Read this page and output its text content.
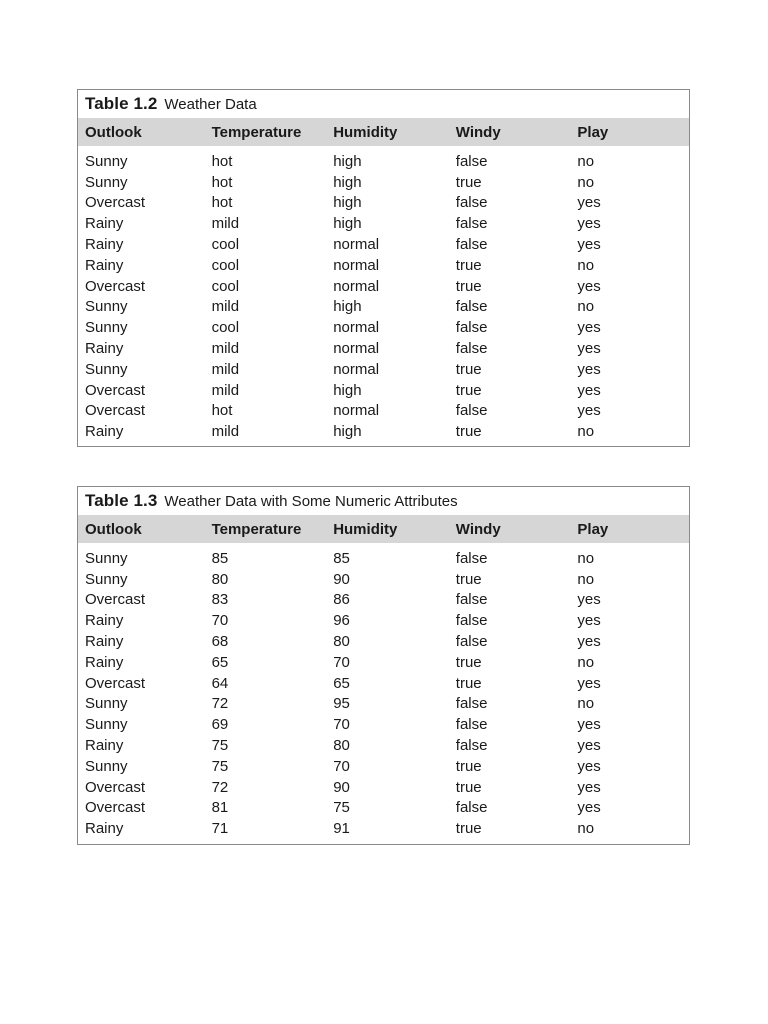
Table 1.2 Weather Data
Outlook	Temperature	Humidity	Windy	Play
Sunny	hot	high	false	no
Sunny	hot	high	true	no
Overcast	hot	high	false	yes
Rainy	mild	high	false	yes
Rainy	cool	normal	false	yes
Rainy	cool	normal	true	no
Overcast	cool	normal	true	yes
Sunny	mild	high	false	no
Sunny	cool	normal	false	yes
Rainy	mild	normal	false	yes
Sunny	mild	normal	true	yes
Overcast	mild	high	true	yes
Overcast	hot	normal	false	yes
Rainy	mild	high	true	no
Table 1.3 Weather Data with Some Numeric Attributes
Outlook	Temperature	Humidity	Windy	Play
Sunny	85	85	false	no
Sunny	80	90	true	no
Overcast	83	86	false	yes
Rainy	70	96	false	yes
Rainy	68	80	false	yes
Rainy	65	70	true	no
Overcast	64	65	true	yes
Sunny	72	95	false	no
Sunny	69	70	false	yes
Rainy	75	80	false	yes
Sunny	75	70	true	yes
Overcast	72	90	true	yes
Overcast	81	75	false	yes
Rainy	71	91	true	no
